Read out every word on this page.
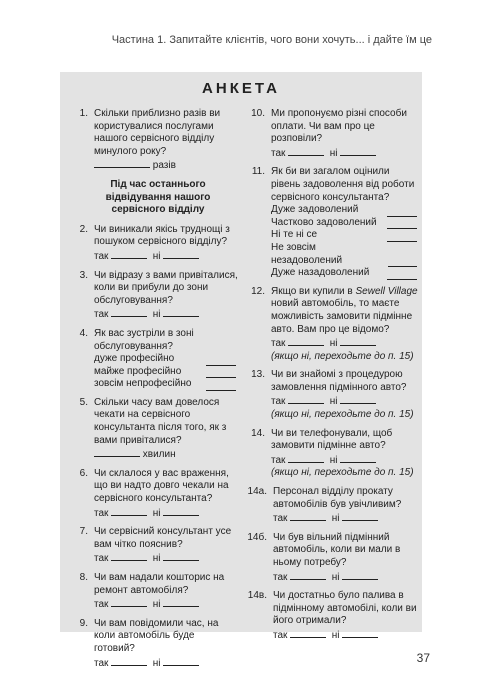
Частина 1. Запитайте клієнтів, чого вони хочуть... і дайте їм це
АНКЕТА
1. Скільки приблизно разів ви користувалися послугами нашого сервісного відділу минулого року?
разів
Під час останнього відвідування нашого сервісного відділу
2. Чи виникали якісь труднощі з пошуком сервісного відділу?
так	ні
3. Чи відразу з вами привіталися, коли ви прибули до зони обслуговування?
так	ні
4. Як вас зустріли в зоні обслуговування?
дуже професійно
майже професійно
зовсім непрофесійно
5. Скільки часу вам довелося чекати на сервісного консультанта після того, як з вами привіталися?
хвилин
6. Чи склалося у вас враження, що ви надто довго чекали на сервісного консультанта?
так	ні
7. Чи сервісний консультант усе вам чітко пояснив?
так	ні
8. Чи вам надали кошторис на ремонт автомобіля?
так	ні
9. Чи вам повідомили час, на коли автомобіль буде готовий?
так	ні
10. Ми пропонуємо різні способи оплати. Чи вам про це розповіли?
так	ні
11. Як би ви загалом оцінили рівень задоволення від роботи сервісного консультанта?
Дуже задоволений
Частково задоволений
Ні те ні се
Не зовсім незадоволений
Дуже назадоволений
12. Якщо ви купили в Sewell Village новий автомобіль, то маєте можливість замовити підмінне авто. Вам про це відомо?
так	ні
(якщо ні, переходьте до п. 15)
13. Чи ви знайомі з процедурою замовлення підмінного авто?
так	ні
(якщо ні, переходьте до п. 15)
14. Чи ви телефонували, щоб замовити підмінне авто?
так	ні
(якщо ні, переходьте до п. 15)
14а. Персонал відділу прокату автомобілів був увічливим?
так	ні
14б. Чи був вільний підмінний автомобіль, коли ви мали в ньому потребу?
так	ні
14в. Чи достатньо було палива в підмінному автомобілі, коли ви його отримали?
так	ні
37
